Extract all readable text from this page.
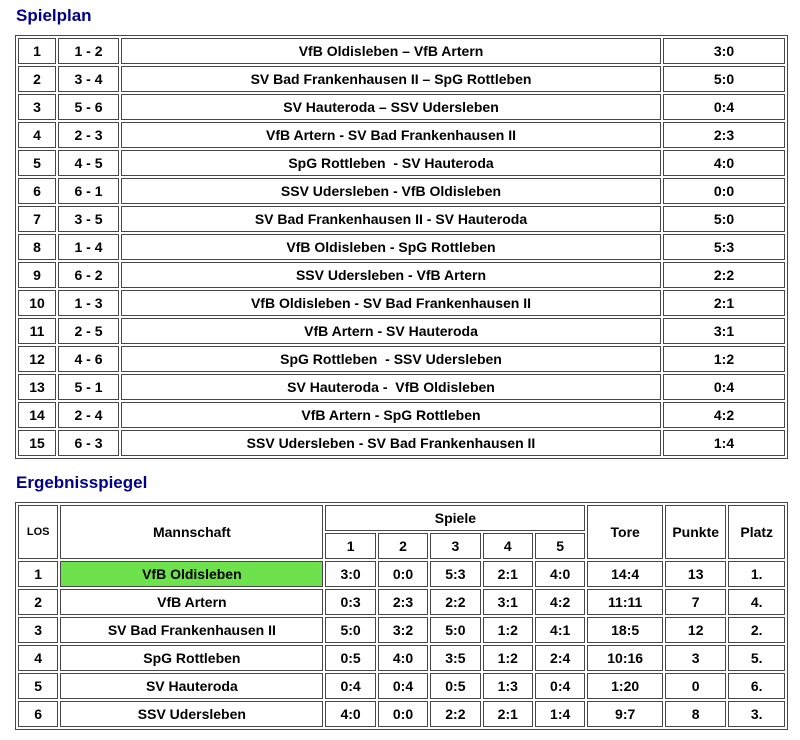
Spielplan
1	1 - 2	VfB Oldisleben – VfB Artern	3:0
2	3 - 4	SV Bad Frankenhausen II – SpG Rottleben	5:0
3	5 - 6	SV Hauteroda – SSV Udersleben	0:4
4	2 - 3	VfB Artern - SV Bad Frankenhausen II	2:3
5	4 - 5	SpG Rottleben  - SV Hauteroda	4:0
6	6 - 1	SSV Udersleben - VfB Oldisleben	0:0
7	3 - 5	SV Bad Frankenhausen II - SV Hauteroda	5:0
8	1 - 4	VfB Oldisleben - SpG Rottleben	5:3
9	6 - 2	SSV Udersleben - VfB Artern	2:2
10	1 - 3	VfB Oldisleben - SV Bad Frankenhausen II	2:1
11	2 - 5	VfB Artern - SV Hauteroda	3:1
12	4 - 6	SpG Rottleben  - SSV Udersleben	1:2
13	5 - 1	SV Hauteroda -  VfB Oldisleben	0:4
14	2 - 4	VfB Artern - SpG Rottleben	4:2
15	6 - 3	SSV Udersleben - SV Bad Frankenhausen II	1:4
Ergebnisspiegel
LOS	Mannschaft	Spiele					Tore	Punkte	Platz
		1	2	3	4	5			
1	VfB Oldisleben	3:0	0:0	5:3	2:1	4:0	14:4	13	1.
2	VfB Artern	0:3	2:3	2:2	3:1	4:2	11:11	7	4.
3	SV Bad Frankenhausen II	5:0	3:2	5:0	1:2	4:1	18:5	12	2.
4	SpG Rottleben	0:5	4:0	3:5	1:2	2:4	10:16	3	5.
5	SV Hauteroda	0:4	0:4	0:5	1:3	0:4	1:20	0	6.
6	SSV Udersleben	4:0	0:0	2:2	2:1	1:4	9:7	8	3.
